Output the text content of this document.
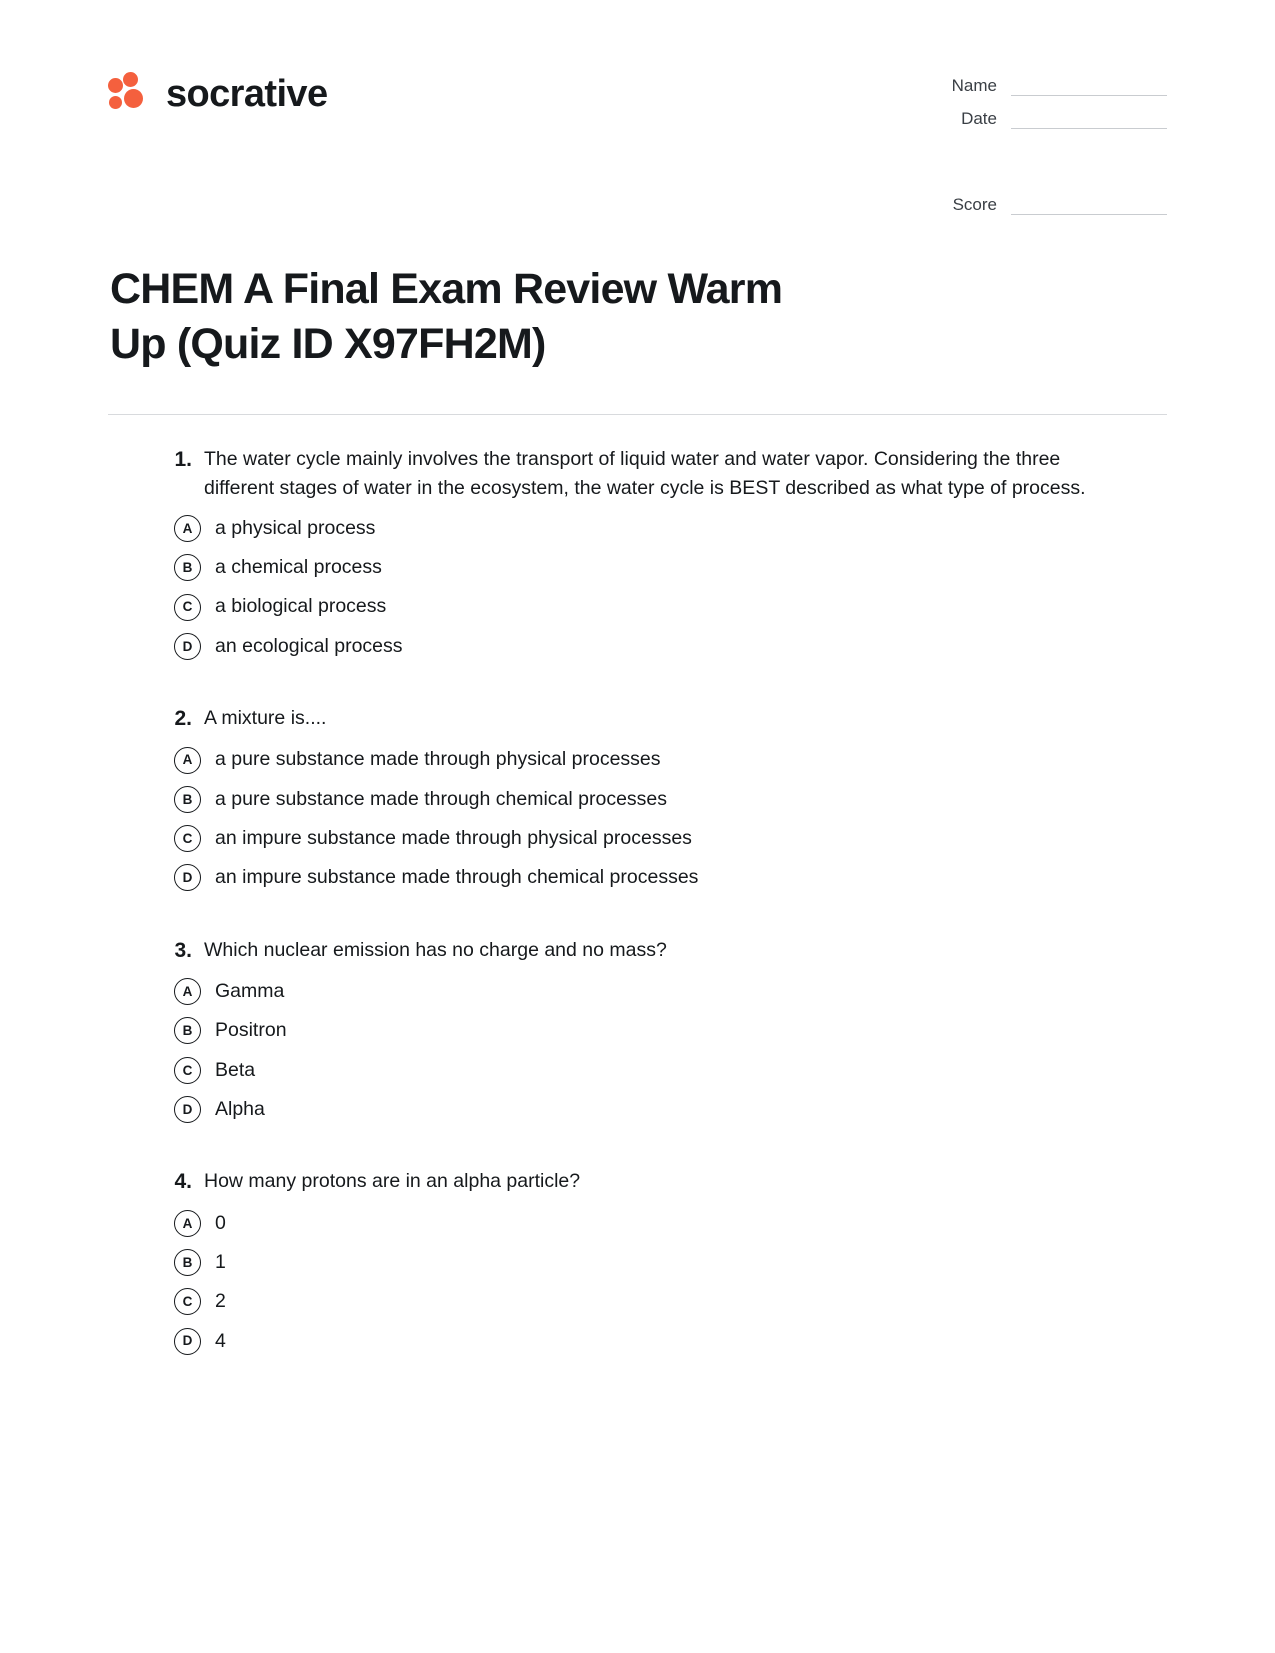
socrative	Name
Date
Score
CHEM A Final Exam Review Warm Up (Quiz ID X97FH2M)
1. The water cycle mainly involves the transport of liquid water and water vapor. Considering the three different stages of water in the ecosystem, the water cycle is BEST described as what type of process.
A	a physical process
B	a chemical process
C	a biological process
D	an ecological process
2. A mixture is....
A	a pure substance made through physical processes
B	a pure substance made through chemical processes
C	an impure substance made through physical processes
D	an impure substance made through chemical processes
3. Which nuclear emission has no charge and no mass?
A	Gamma
B	Positron
C	Beta
D	Alpha
4. How many protons are in an alpha particle?
A	0
B	1
C	2
D	4
